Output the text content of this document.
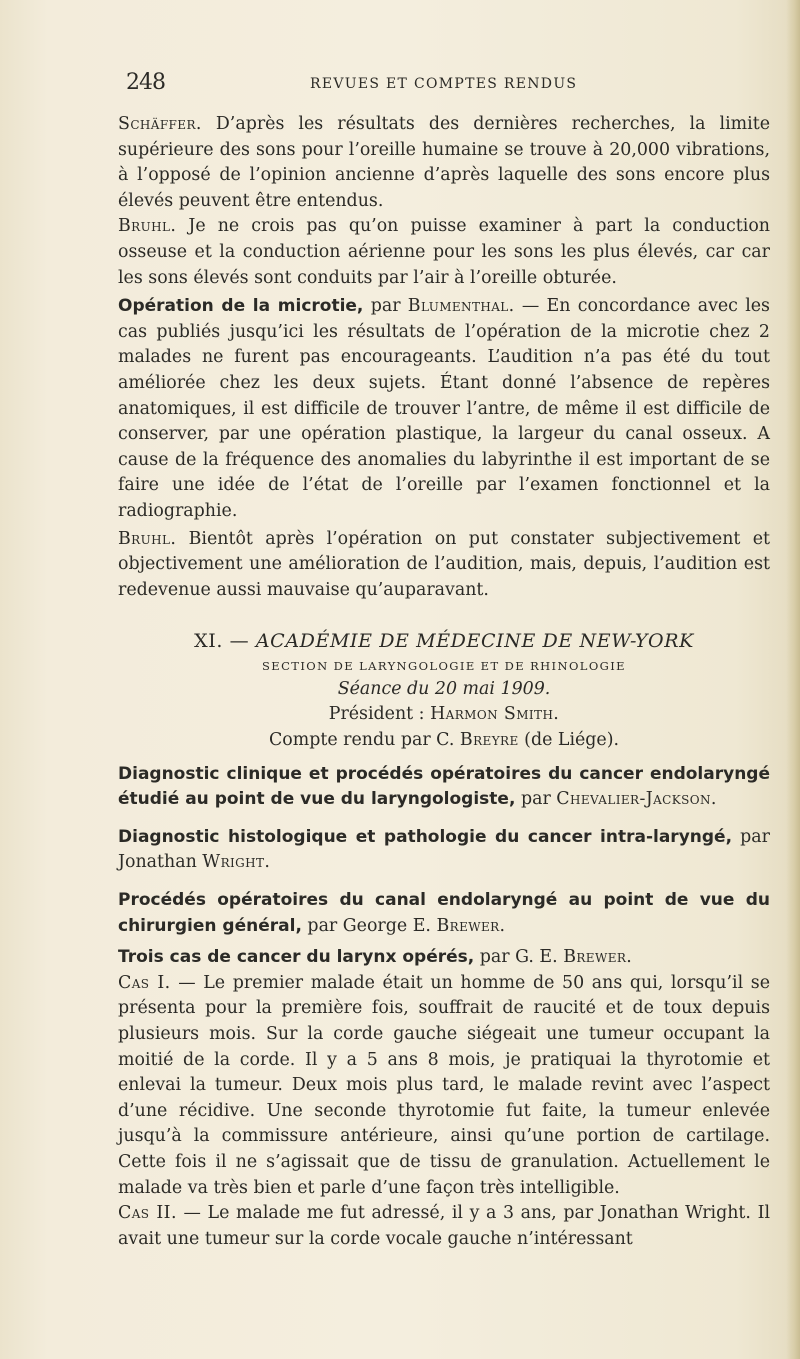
248	REVUES ET COMPTES RENDUS

Schäffer. D’après les résultats des dernières recherches, la limite supérieure des sons pour l’oreille humaine se trouve à 20,000 vibrations, à l’opposé de l’opinion ancienne d’après laquelle des sons encore plus élevés peuvent être entendus.

Bruhl. Je ne crois pas qu’on puisse examiner à part la conduction osseuse et la conduction aérienne pour les sons les plus élevés, car car les sons élevés sont conduits par l’air à l’oreille obturée.

Opération de la microtie, par Blumenthal. — En concordance avec les cas publiés jusqu’ici les résultats de l’opération de la microtie chez 2 malades ne furent pas encourageants. L’audition n’a pas été du tout améliorée chez les deux sujets. Étant donné l’absence de repères anatomiques, il est difficile de trouver l’antre, de même il est difficile de conserver, par une opération plastique, la largeur du canal osseux. A cause de la fréquence des anomalies du labyrinthe il est important de se faire une idée de l’état de l’oreille par l’examen fonctionnel et la radiographie.

Bruhl. Bientôt après l’opération on put constater subjectivement et objectivement une amélioration de l’audition, mais, depuis, l’audition est redevenue aussi mauvaise qu’auparavant.

XI. — ACADÉMIE DE MÉDECINE DE NEW-YORK
SECTION DE LARYNGOLOGIE ET DE RHINOLOGIE
Séance du 20 mai 1909.
Président : Harmon Smith.
Compte rendu par C. Breyre (de Liége).

Diagnostic clinique et procédés opératoires du cancer endolaryngé étudié au point de vue du laryngologiste, par Chevalier-Jackson.

Diagnostic histologique et pathologie du cancer intra-laryngé, par Jonathan Wright.

Procédés opératoires du canal endolaryngé au point de vue du chirurgien général, par George E. Brewer.

Trois cas de cancer du larynx opérés, par G. E. Brewer.

Cas I. — Le premier malade était un homme de 50 ans qui, lorsqu’il se présenta pour la première fois, souffrait de raucité et de toux depuis plusieurs mois. Sur la corde gauche siégeait une tumeur occupant la moitié de la corde. Il y a 5 ans 8 mois, je pratiquai la thyrotomie et enlevai la tumeur. Deux mois plus tard, le malade revint avec l’aspect d’une récidive. Une seconde thyrotomie fut faite, la tumeur enlevée jusqu’à la commissure antérieure, ainsi qu’une portion de cartilage. Cette fois il ne s’agissait que de tissu de granulation. Actuellement le malade va très bien et parle d’une façon très intelligible.

Cas II. — Le malade me fut adressé, il y a 3 ans, par Jonathan Wright. Il avait une tumeur sur la corde vocale gauche n’intéressant
